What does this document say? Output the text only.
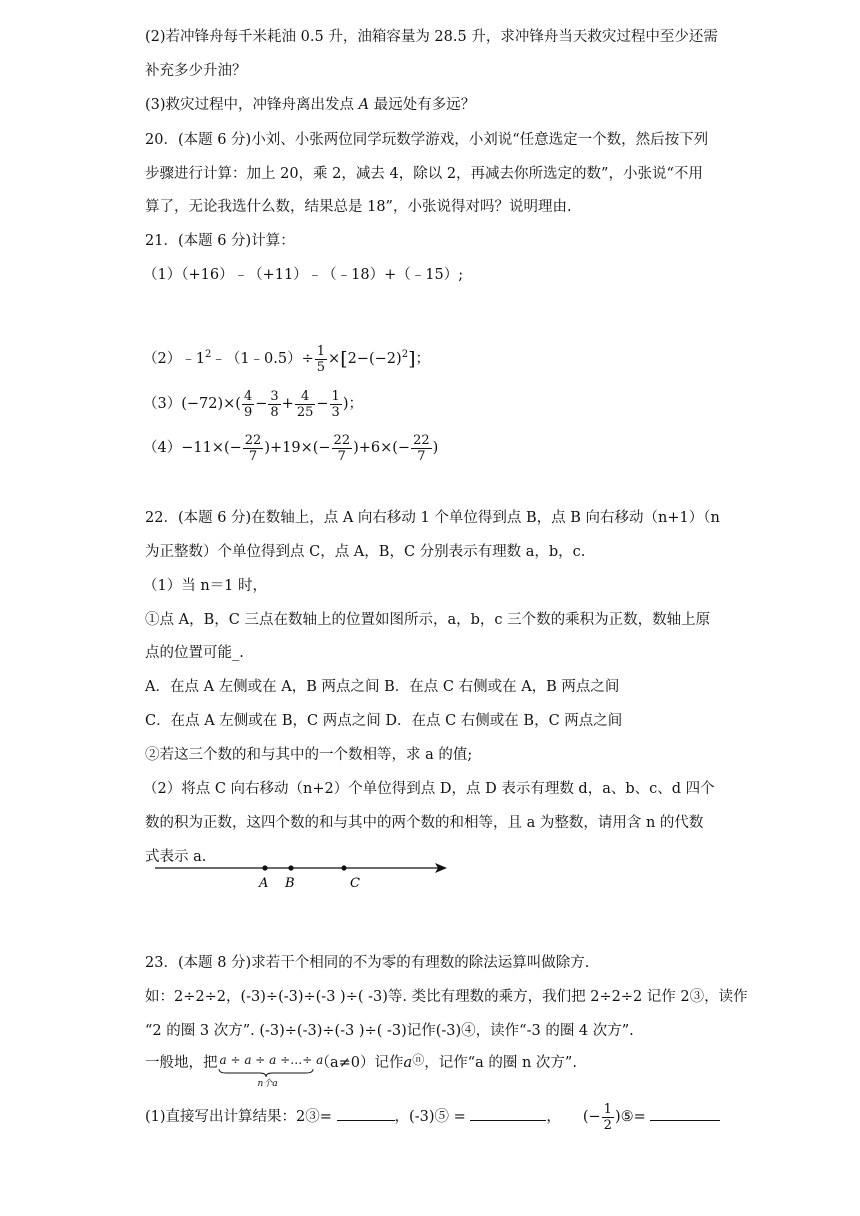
(2)若冲锋舟每千米耗油 0.5 升，油箱容量为 28.5 升，求冲锋舟当天救灾过程中至少还需
补充多少升油？
(3)救灾过程中，冲锋舟离出发点 A 最远处有多远？
20．(本题 6 分)小刘、小张两位同学玩数学游戏，小刘说“任意选定一个数，然后按下列
步骤进行计算：加上 20，乘 2，减去 4，除以 2，再减去你所选定的数”，小张说“不用
算了，无论我选什么数，结果总是 18”，小张说得对吗？说明理由.
21．(本题 6 分)计算：
（1）（+16）﹣（+11）﹣（﹣18）+（﹣15）;
$(2)﹣1^2﹣(1﹣0.5)\div \frac{1}{5} \times[2-(-2)^2]$；
$(3)(-72)\times( \frac{4}{9} - \frac{3}{8} + \frac{4}{25} - \frac{1}{3}$ )；
$(4)-11\times(- \frac{22}{7} )+19\times(- \frac{22}{7} )+6\times(- \frac{22}{7}$ )
22．(本题 6 分)在数轴上，点 A 向右移动 1 个单位得到点 B，点 B 向右移动（n+1）（n
为正整数）个单位得到点 C，点 A，B，C 分别表示有理数 a，b，c.
（1）当 n＝1 时，
①点 A，B，C 三点在数轴上的位置如图所示，a，b，c 三个数的乘积为正数，数轴上原
点的位置可能_.
A．在点 A 左侧或在 A，B 两点之间 B．在点 C 右侧或在 A，B 两点之间
C．在点 A 左侧或在 B，C 两点之间 D．在点 C 右侧或在 B，C 两点之间
②若这三个数的和与其中的一个数相等，求 a 的值;
（2）将点 C 向右移动（n+2）个单位得到点 D，点 D 表示有理数 d，a、b、c、d 四个
数的积为正数，这四个数的和与其中的两个数的和相等，且 a 为整数，请用含 n 的代数
式表示 a.
A B	C
23．(本题 8 分)求若干个相同的不为零的有理数的除法运算叫做除方.
如：2÷2÷2，(-3)÷(-3)÷(-3 )÷( -3)等. 类比有理数的乘方，我们把 2÷2÷2 记作 2③，读作
“2 的圈 3 次方”. (-3)÷(-3)÷(-3 )÷( -3)记作(-3)④，读作“-3 的圈 4 次方”.
一般地，把 a ÷ a ÷ a ÷…÷ a
n个a
（a≠0）记作aⓝ，记作“a 的圈 n 次方”.
(1)直接写出计算结果：2③=	，(-3)⑤ =	， (− $\frac{1}{2}$ )⑤=
